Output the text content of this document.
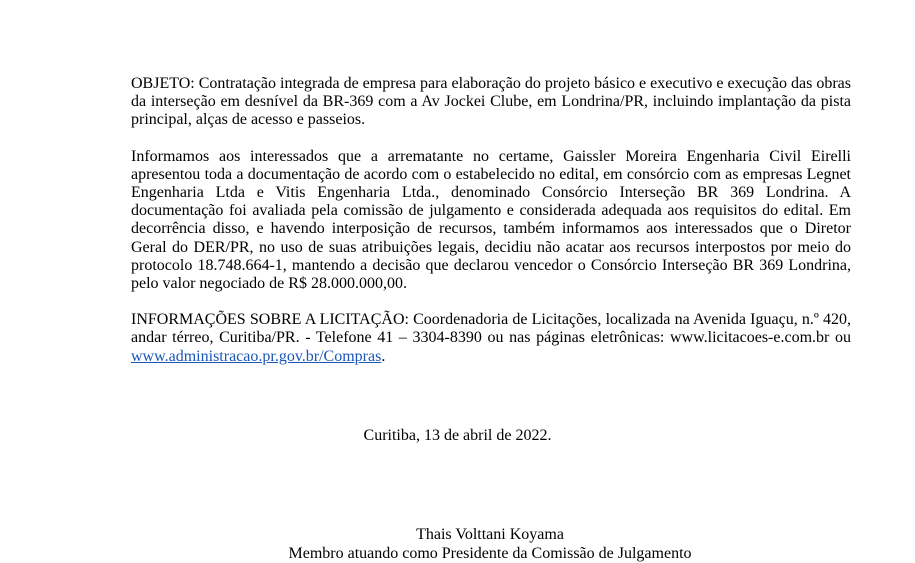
OBJETO: Contratação integrada de empresa para elaboração do projeto básico e executivo e execução das obras da interseção em desnível da BR-369 com a Av Jockei Clube, em Londrina/PR, incluindo implantação da pista principal, alças de acesso e passeios.

Informamos aos interessados que a arrematante no certame, Gaissler Moreira Engenharia Civil Eirelli apresentou toda a documentação de acordo com o estabelecido no edital, em consórcio com as empresas Legnet Engenharia Ltda e Vitis Engenharia Ltda., denominado Consórcio Interseção BR 369 Londrina. A documentação foi avaliada pela comissão de julgamento e considerada adequada aos requisitos do edital. Em decorrência disso, e havendo interposição de recursos, também informamos aos interessados que o Diretor Geral do DER/PR, no uso de suas atribuições legais, decidiu não acatar aos recursos interpostos por meio do protocolo 18.748.664-1, mantendo a decisão que declarou vencedor o Consórcio Interseção BR 369 Londrina, pelo valor negociado de R$ 28.000.000,00.

INFORMAÇÕES SOBRE A LICITAÇÃO: Coordenadoria de Licitações, localizada na Avenida Iguaçu, n.º 420, andar térreo, Curitiba/PR. - Telefone 41 – 3304-8390 ou nas páginas eletrônicas: www.licitacoes-e.com.br ou www.administracao.pr.gov.br/Compras.

Curitiba, 13 de abril de 2022.
Thais Volttani Koyama
Membro atuando como Presidente da Comissão de Julgamento
